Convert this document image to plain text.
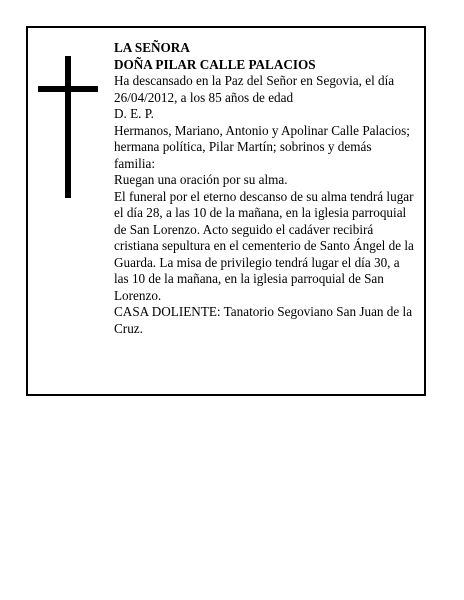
LA SEÑORA

DOÑA PILAR CALLE PALACIOS

Ha descansado en la Paz del Señor en Segovia, el día 26/04/2012, a los 85 años de edad

D. E. P.

Hermanos, Mariano, Antonio y Apolinar Calle Palacios; hermana política, Pilar Martín; sobrinos y demás familia:

Ruegan una oración por su alma.

El funeral por el eterno descanso de su alma tendrá lugar el día 28, a las 10 de la mañana, en la iglesia parroquial de San Lorenzo. Acto seguido el cadáver recibirá cristiana sepultura en el cementerio de Santo Ángel de la Guarda. La misa de privilegio tendrá lugar el día 30, a las 10 de la mañana, en la iglesia parroquial de San Lorenzo.

CASA DOLIENTE: Tanatorio Segoviano San Juan de la Cruz.
